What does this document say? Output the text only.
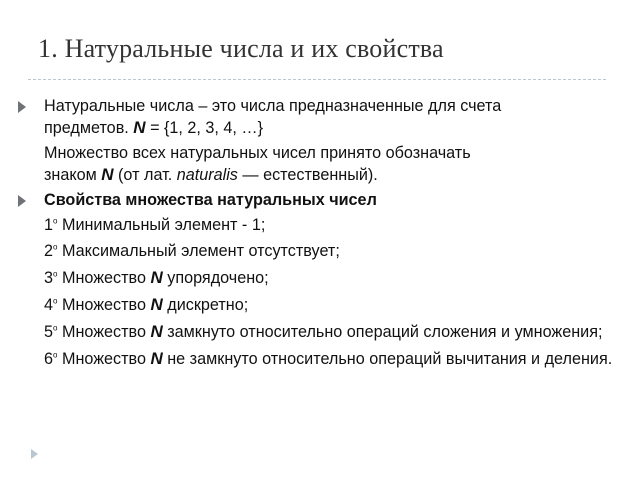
1. Натуральные числа и их свойства
Натуральные числа – это числа предназначенные для счета
предметов. N = {1, 2, 3, 4, …}
Множество всех натуральных чисел принято обозначать
знаком N (от лат. naturalis — естественный).
Свойства множества натуральных чисел
$1^о$ Минимальный элемент - 1;
$2^о$ Максимальный элемент отсутствует;
$3^о$ Множество N упорядочено;
$4^о$ Множество N дискретно;
$5^о$ Множество N замкнуто относительно операций сложения и умножения;
$6^о$ Множество N не замкнуто относительно операций вычитания и деления.
